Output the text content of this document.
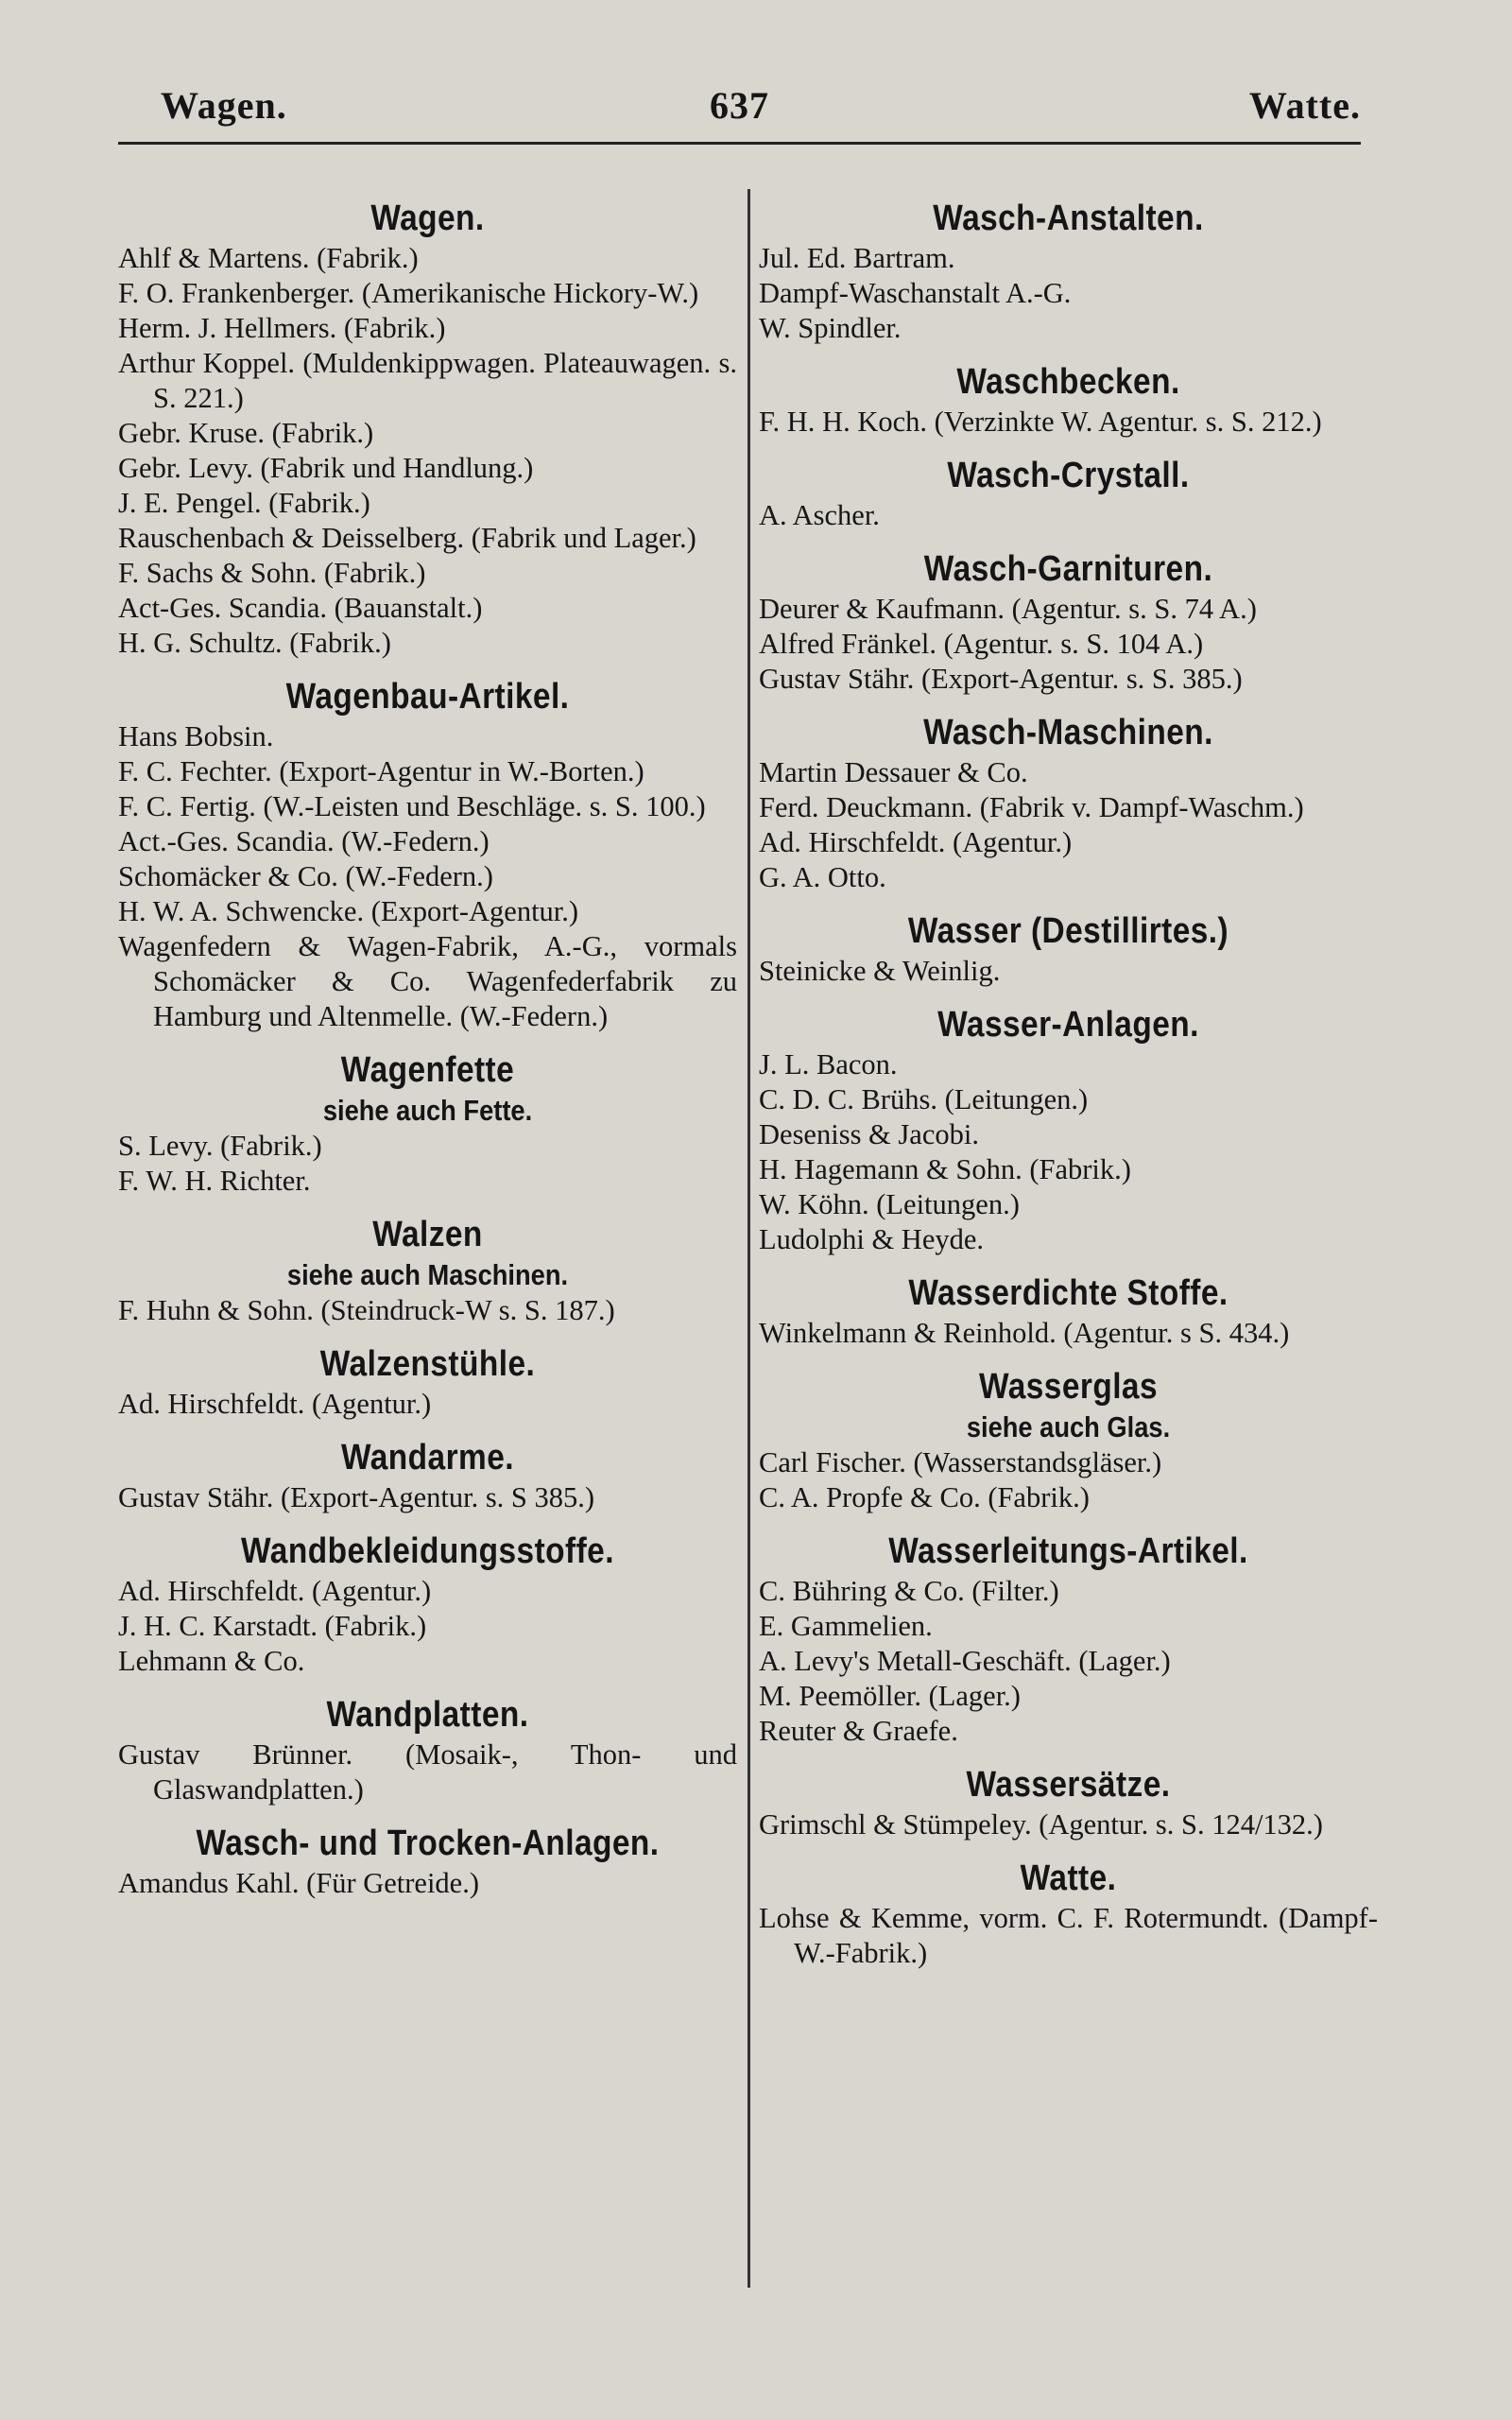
Wagen.	637	Watte.
Wagen.
Ahlf & Martens. (Fabrik.)
F. O. Frankenberger. (Amerikanische Hickory-W.)
Herm. J. Hellmers. (Fabrik.)
Arthur Koppel. (Muldenkippwagen. Plateauwagen. s. S. 221.)
Gebr. Kruse. (Fabrik.)
Gebr. Levy. (Fabrik und Handlung.)
J. E. Pengel. (Fabrik.)
Rauschenbach & Deisselberg. (Fabrik und Lager.)
F. Sachs & Sohn. (Fabrik.)
Act-Ges. Scandia. (Bauanstalt.)
H. G. Schultz. (Fabrik.)
Wagenbau-Artikel.
Hans Bobsin.
F. C. Fechter. (Export-Agentur in W.-Borten.)
F. C. Fertig. (W.-Leisten und Beschläge. s. S. 100.)
Act.-Ges. Scandia. (W.-Federn.)
Schomäcker & Co. (W.-Federn.)
H. W. A. Schwencke. (Export-Agentur.)
Wagenfedern & Wagen-Fabrik, A.-G., vormals Schomäcker & Co. Wagenfederfabrik zu Hamburg und Altenmelle. (W.-Federn.)
Wagenfette
siehe auch Fette.
S. Levy. (Fabrik.)
F. W. H. Richter.
Walzen
siehe auch Maschinen.
F. Huhn & Sohn. (Steindruck-W s. S. 187.)
Walzenstühle.
Ad. Hirschfeldt. (Agentur.)
Wandarme.
Gustav Stähr. (Export-Agentur. s. S 385.)
Wandbekleidungsstoffe.
Ad. Hirschfeldt. (Agentur.)
J. H. C. Karstadt. (Fabrik.)
Lehmann & Co.
Wandplatten.
Gustav Brünner. (Mosaik-, Thon- und Glaswandplatten.)
Wasch- und Trocken-Anlagen.
Amandus Kahl. (Für Getreide.)
Wasch-Anstalten.
Jul. Ed. Bartram.
Dampf-Waschanstalt A.-G.
W. Spindler.
Waschbecken.
F. H. H. Koch. (Verzinkte W. Agentur. s. S. 212.)
Wasch-Crystall.
A. Ascher.
Wasch-Garnituren.
Deurer & Kaufmann. (Agentur. s. S. 74 A.)
Alfred Fränkel. (Agentur. s. S. 104 A.)
Gustav Stähr. (Export-Agentur. s. S. 385.)
Wasch-Maschinen.
Martin Dessauer & Co.
Ferd. Deuckmann. (Fabrik v. Dampf-Waschm.)
Ad. Hirschfeldt. (Agentur.)
G. A. Otto.
Wasser (Destillirtes.)
Steinicke & Weinlig.
Wasser-Anlagen.
J. L. Bacon.
C. D. C. Brühs. (Leitungen.)
Deseniss & Jacobi.
H. Hagemann & Sohn. (Fabrik.)
W. Köhn. (Leitungen.)
Ludolphi & Heyde.
Wasserdichte Stoffe.
Winkelmann & Reinhold. (Agentur. s S. 434.)
Wasserglas
siehe auch Glas.
Carl Fischer. (Wasserstandsgläser.)
C. A. Propfe & Co. (Fabrik.)
Wasserleitungs-Artikel.
C. Bühring & Co. (Filter.)
E. Gammelien.
A. Levy's Metall-Geschäft. (Lager.)
M. Peemöller. (Lager.)
Reuter & Graefe.
Wassersätze.
Grimschl & Stümpeley. (Agentur. s. S. 124/132.)
Watte.
Lohse & Kemme, vorm. C. F. Rotermundt. (Dampf-W.-Fabrik.)
